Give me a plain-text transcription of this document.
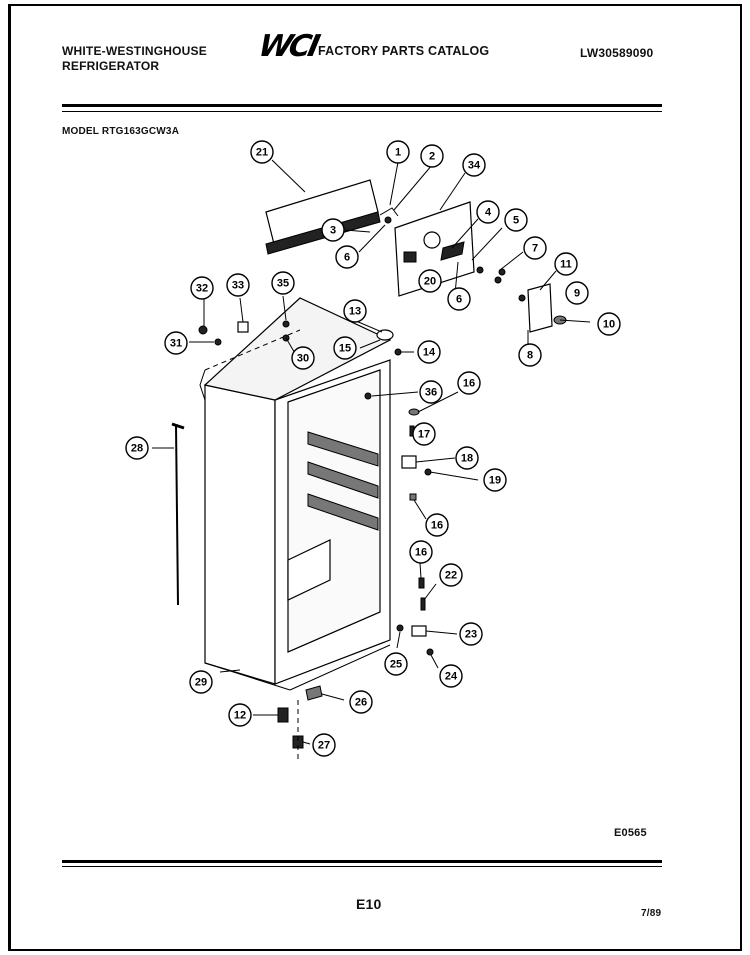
WHITE-WESTINGHOUSE
REFRIGERATOR
WCI
FACTORY PARTS CATALOG	LW30589090
MODEL RTG163GCW3A
21	1	2
34
3
6
4
5
20
6
7
11
9
10
8
32 33	35
13
31
30
15	14
36
16
17
18
19
28
16
16
22
23
25
24
29
26
12
27
E0565
E10
7/89
